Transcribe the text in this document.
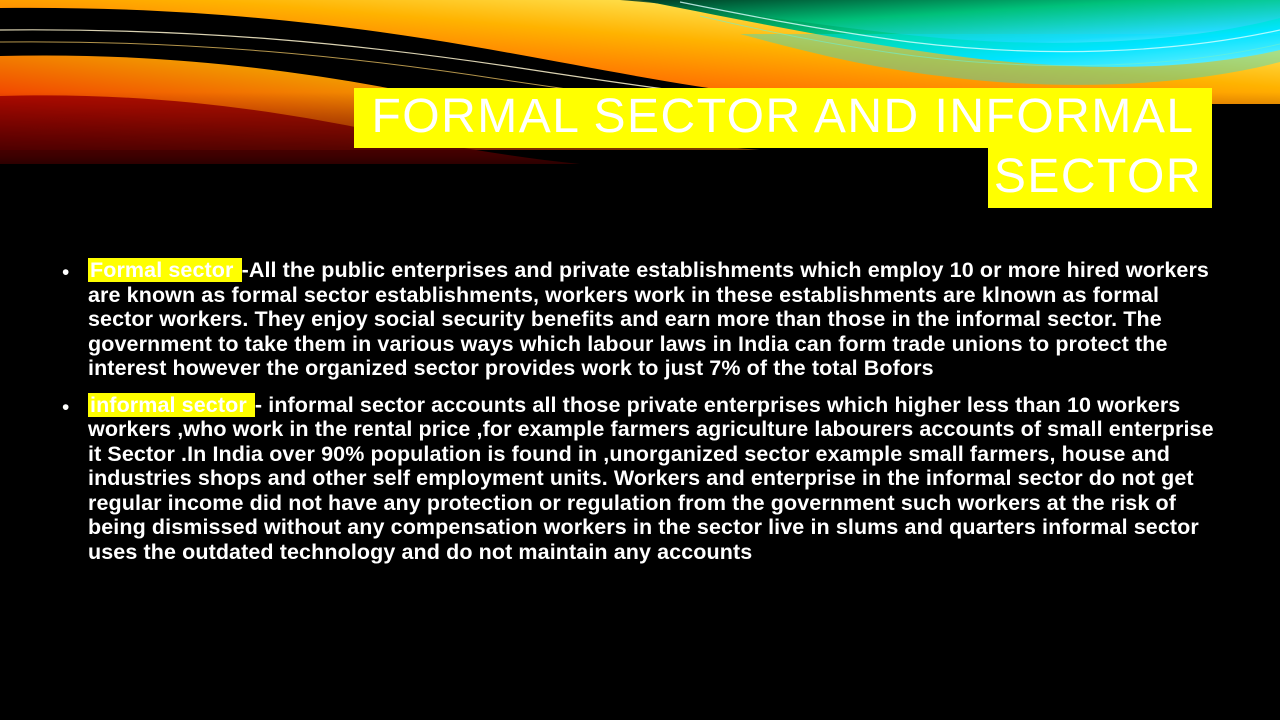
FORMAL SECTOR AND INFORMAL SECTOR
• Formal sector -All the public enterprises and private establishments which employ 10 or more hired workers are known as formal sector establishments, workers work in these establishments are klnown as formal sector workers. They enjoy social security benefits and earn more than those in the informal sector. The government to take them in various ways which labour laws in India can form trade unions to protect the interest however the organized sector provides work to just 7% of the total Bofors
• informal sector - informal sector accounts all those private enterprises which higher less than 10 workers workers ,who work in the rental price ,for example farmers agriculture labourers accounts of small enterprise it Sector .In India over 90% population is found in ,unorganized sector example small farmers, house and industries shops and other self employment units. Workers and enterprise in the informal sector do not get regular income did not have any protection or regulation from the government such workers at the risk of being dismissed without any compensation workers in the sector live in slums and quarters informal sector uses the outdated technology and do not maintain any accounts
